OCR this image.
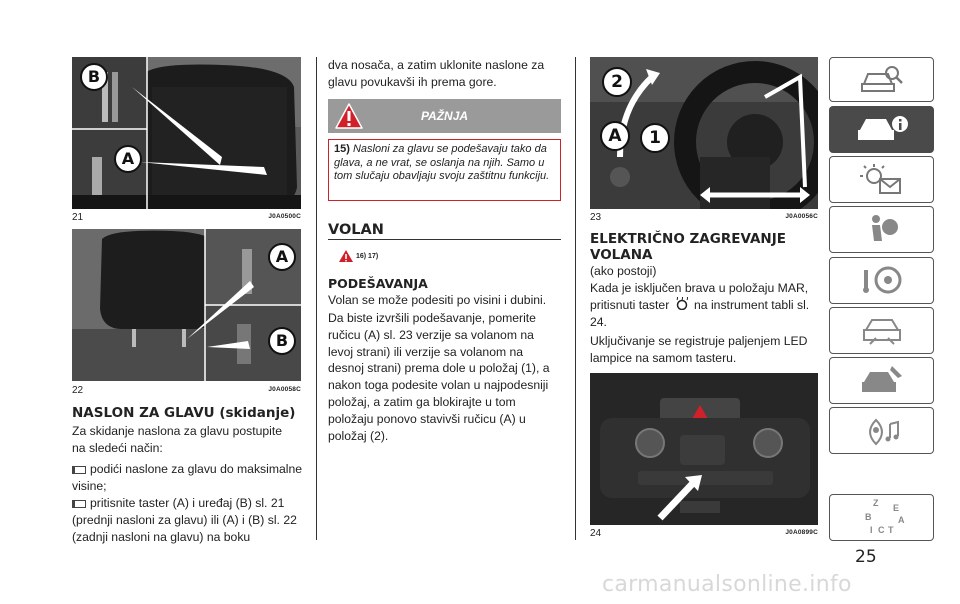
B
A
21	J0A0500C
A
B
22	J0A0058C
NASLON ZA GLAVU (skidanje)
Za skidanje naslona za glavu postupite na sledeći način:
podići naslone za glavu do maksimalne visine;
pritisnite taster (A) i uređaj (B) sl. 21 (prednji nasloni za glavu) ili (A) i (B) sl. 22 (zadnji nasloni na glavu) na boku
dva nosača, a zatim uklonite naslone za glavu povukavši ih prema gore.
PAŽNJA
15) Nasloni za glavu se podešavaju tako da glava, a ne vrat, se oslanja na njih. Samo u tom slučaju obavljaju svoju zaštitnu funkciju.
VOLAN
16) 17)
PODEŠAVANJA
Volan se može podesiti po visini i dubini.
Da biste izvršili podešavanje, pomerite ručicu (A) sl. 23 verzije sa volanom na levoj strani) ili verzije sa volanom na desnoj strani) prema dole u položaj (1), a nakon toga podesite volan u najpodesniji položaj, a zatim ga blokirajte u tom položaju ponovo stavivši ručicu (A) u položaj (2).
2
A	1
23	J0A0056C
ELEKTRIČNO ZAGREVANJE VOLANA
(ako postoji)
Kada je isključen brava u položaju MAR, pritisnuti taster na instrument tabli sl. 24.
Uključivanje se registruje paljenjem LED lampice na samom tasteru.
24	J0A0899C
Z E
B	A
I C T
25
carmanualsonline.info
